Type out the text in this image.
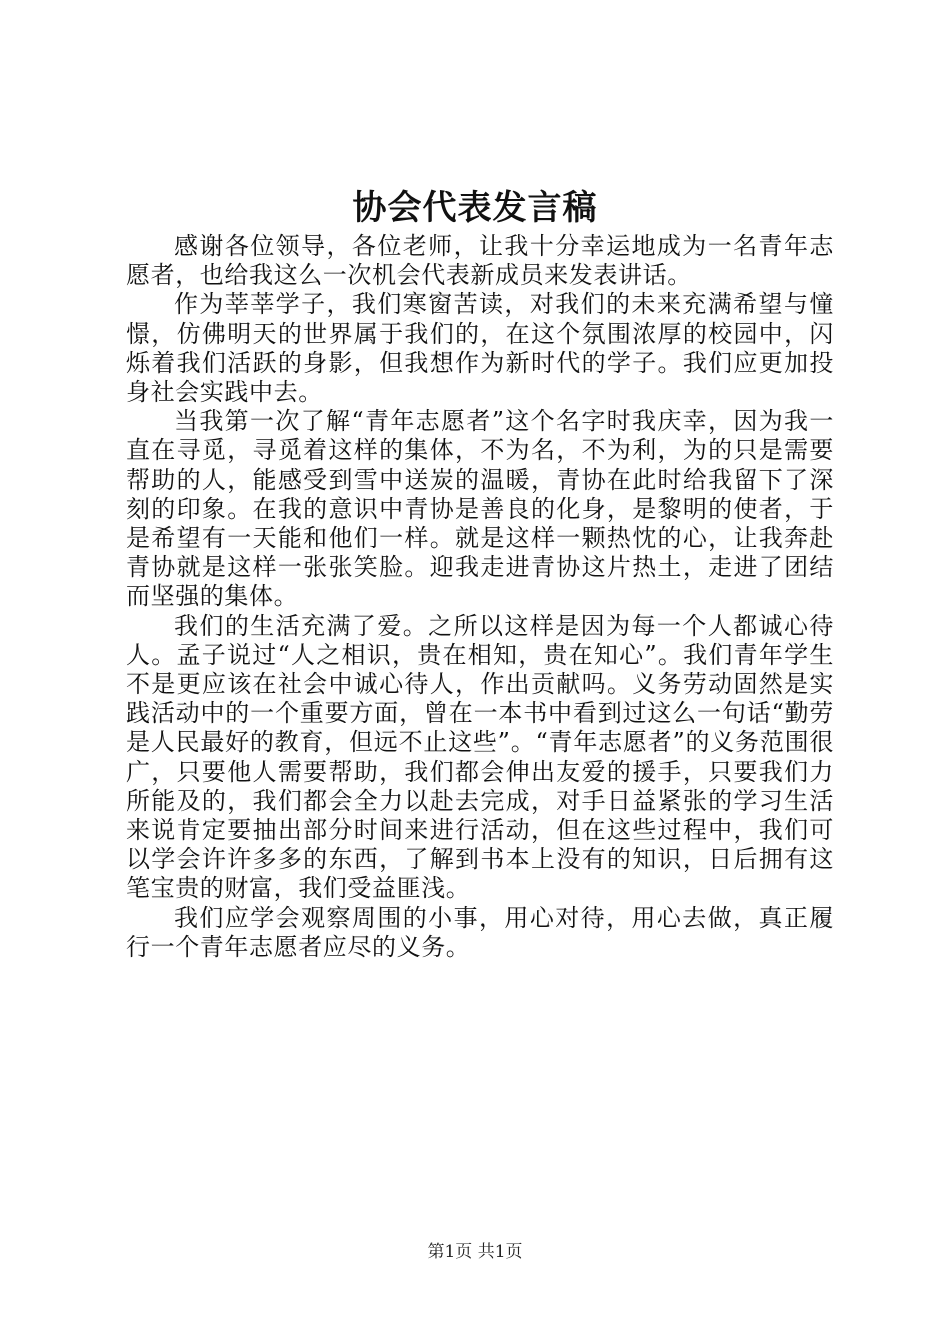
协会代表发言稿

感谢各位领导，各位老师，让我十分幸运地成为一名青年志愿者，也给我这么一次机会代表新成员来发表讲话。

作为莘莘学子，我们寒窗苦读，对我们的未来充满希望与憧憬，仿佛明天的世界属于我们的，在这个氛围浓厚的校园中，闪烁着我们活跃的身影，但我想作为新时代的学子。我们应更加投身社会实践中去。

当我第一次了解“青年志愿者”这个名字时我庆幸，因为我一直在寻觅，寻觅着这样的集体，不为名，不为利，为的只是需要帮助的人，能感受到雪中送炭的温暖，青协在此时给我留下了深刻的印象。在我的意识中青协是善良的化身，是黎明的使者，于是希望有一天能和他们一样。就是这样一颗热忱的心，让我奔赴青协就是这样一张张笑脸。迎我走进青协这片热土，走进了团结而坚强的集体。

我们的生活充满了爱。之所以这样是因为每一个人都诚心待人。孟子说过“人之相识，贵在相知，贵在知心”。我们青年学生不是更应该在社会中诚心待人，作出贡献吗。义务劳动固然是实践活动中的一个重要方面，曾在一本书中看到过这么一句话“勤劳是人民最好的教育，但远不止这些”。“青年志愿者”的义务范围很广，只要他人需要帮助，我们都会伸出友爱的援手，只要我们力所能及的，我们都会全力以赴去完成，对手日益紧张的学习生活来说肯定要抽出部分时间来进行活动，但在这些过程中，我们可以学会许许多多的东西，了解到书本上没有的知识，日后拥有这笔宝贵的财富，我们受益匪浅。

我们应学会观察周围的小事，用心对待，用心去做，真正履行一个青年志愿者应尽的义务。

第1页 共1页
